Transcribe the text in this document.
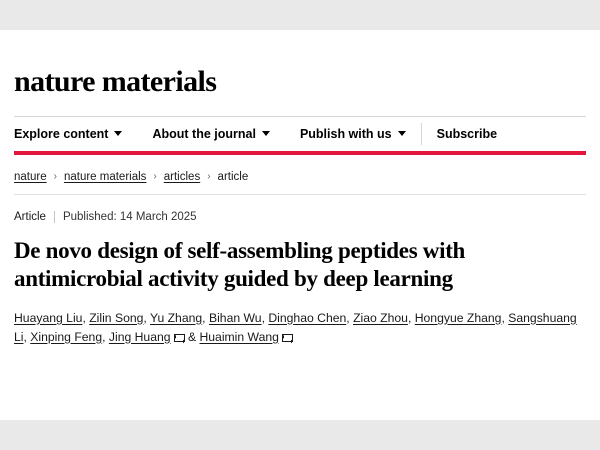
nature materials
Explore content	About the journal	Publish with us	Subscribe
nature › nature materials › articles › article
Article Published: 14 March 2025
De novo design of self-assembling peptides with antimicrobial activity guided by deep learning
Huayang Liu, Zilin Song, Yu Zhang, Bihan Wu, Dinghao Chen, Ziao Zhou, Hongyue Zhang, Sangshuang Li, Xinping Feng, Jing Huang & Huaimin Wang
